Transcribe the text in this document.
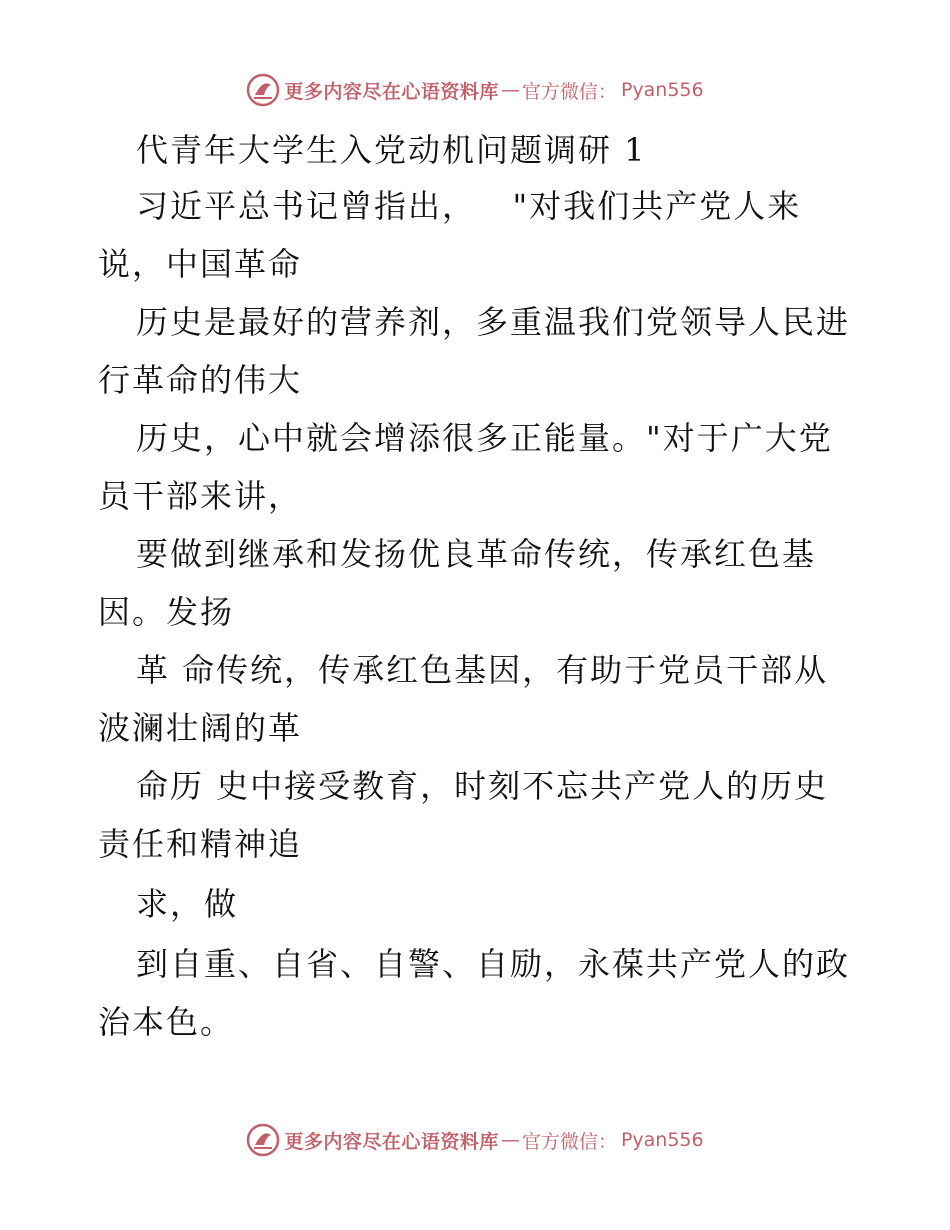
更多内容尽在心语资料库 — 官方微信： Pyan556
代青年大学生入党动机问题调研 1
习近平总书记曾指出，   "对我们共产党人来
说，中国革命
历史是最好的营养剂，多重温我们党领导人民进
行革命的伟大
历史，心中就会增添很多正能量。"对于广大党
员干部来讲，
要做到继承和发扬优良革命传统，传承红色基
因。发扬
革 命传统，传承红色基因，有助于党员干部从
波澜壮阔的革
命历 史中接受教育，时刻不忘共产党人的历史
责任和精神追
求，做
到自重、自省、自警、自励，永葆共产党人的政
治本色。
更多内容尽在心语资料库 — 官方微信： Pyan556
